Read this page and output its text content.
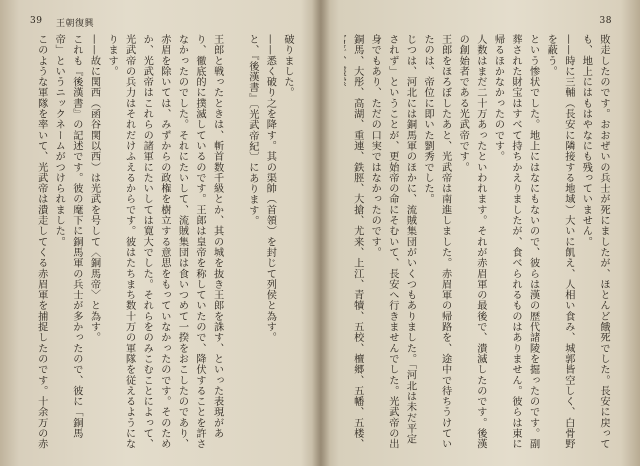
39 王朝復興

破りました。

——悉く破り之を降す。其の渠帥（首領）を封じて列侯と為す。

と、『後漢書』〔光武帝紀〕にあります。

王郎と戦ったときは、斬首数千級とか、其の城を抜き王郎を誅す、といった表現があり、徹底的に撲滅しているのです。王郎は皇帝を称していたので、降伏することを許さなかったのでした。それにたいして、流賊集団は食いつめて一揆をおこしたのであり、赤眉を除いては、みずからの政権を樹立する意思をもっていなかったのです。そのためか、光武帝はこれらの諸軍にたいしては寛大でした。それらをのみこむことによって、光武帝の兵力はそれだけふえるからです。彼はたちまち数十万の軍隊を従えるようになります。

——故に関西（函谷関以西）は光武を号して〈銅馬帝〉と為す。

これも『後漢書』の記述です。彼の麾下に銅馬軍の兵士が多かったので、彼に「銅馬帝」というニックネームがつけられました。

このような軍隊を率いて、光武帝は潰走してくる赤眉軍を捕捉したのです。十余万の赤

38

敗走したのです。おおぜいの兵士が死にましたが、ほとんど餓死でした。長安に戻っても、地上にはもはやなにも残っていません。

——時に三輔（長安に隣接する地域）大いに飢え、人相い食み、城郭皆空しく、白骨野を蔽う。

という惨状でした。地上にはなにもないので、彼らは漢の歴代諸陵を掘ったのです。副葬された財宝はすべて持ちかえりましたが、食べられるものはありません。彼らは東に帰るほかなかったのです。

人数はまだ二十万あったといわれます。それが赤眉軍の最後で、潰滅したのです。後漢の創始者である光武帝です。

王郎をほろぼしたあと、光武帝は南進しました。赤眉軍の帰路を、途中で待ちうけていたのは、帝位に即いた劉秀でした。

じつは、河北には銅馬軍のほかに、流賊集団がいくつもありました。「河北は未だ平定されず」ということが、更始帝の命にそむいて、長安へ行きませんでした。光武帝の出身でもあり、ただの口実ではなかったのです。

銅馬、大彤、高湖、重連、鉄脛、大搶、尤来、上江、青犢、五校、檀郷、五幡、五楼、
